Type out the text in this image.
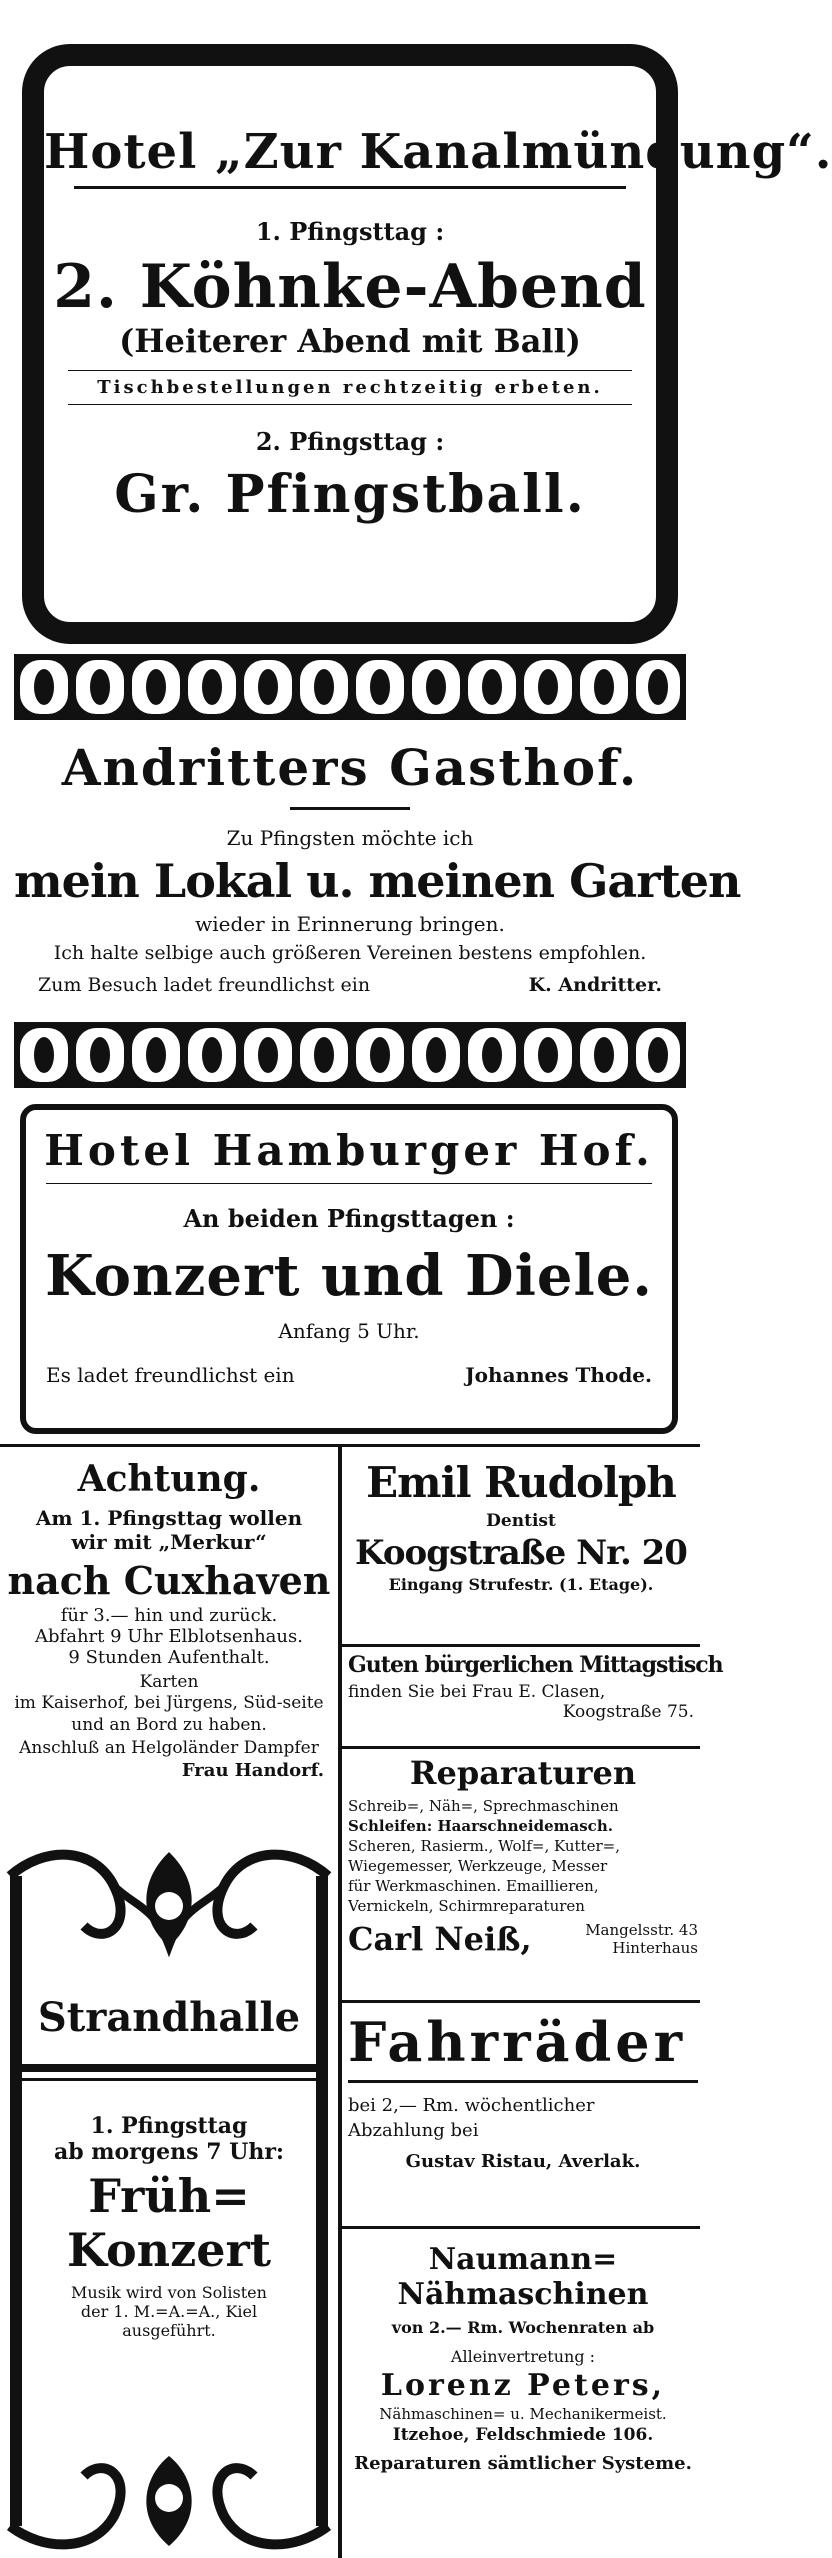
Hotel „Zur Kanalmündung“.
1. Pfingsttag :
2. Köhnke-Abend
(Heiterer Abend mit Ball)
Tischbestellungen rechtzeitig erbeten.
2. Pfingsttag :
Gr. Pfingstball.
Andritters Gasthof.
Zu Pfingsten möchte ich
mein Lokal u. meinen Garten
wieder in Erinnerung bringen.
Ich halte selbige auch größeren Vereinen bestens empfohlen.
Zum Besuch ladet freundlichst ein	K. Andritter.
Hotel Hamburger Hof.
An beiden Pfingsttagen :
Konzert und Diele.
Anfang 5 Uhr.
Es ladet freundlichst ein	Johannes Thode.
Achtung.
Am 1. Pfingsttag wollen
wir mit „Merkur“
nach Cuxhaven
für 3.— hin und zurück.
Abfahrt 9 Uhr Elblotsenhaus.
9 Stunden Aufenthalt.
Karten
im Kaiserhof, bei Jürgens, Süd-seite und an Bord zu haben.
Anschluß an Helgoländer Dampfer
Frau Handorf.
Strandhalle
1. Pfingsttag
ab morgens 7 Uhr:
Früh=
Konzert
Musik wird von Solisten
der 1. M.=A.=A., Kiel
ausgeführt.
Emil Rudolph
Dentist
Koogstraße Nr. 20
Eingang Strufestr. (1. Etage).
Guten bürgerlichen Mittagstisch
finden Sie bei Frau E. Clasen,
Koogstraße 75.
Reparaturen
Schreib=, Näh=, Sprechmaschinen
Schleifen: Haarschneidemasch.
Scheren, Rasierm., Wolf=, Kutter=,
Wiegemesser, Werkzeuge, Messer
für Werkmaschinen. Emaillieren,
Vernickeln, Schirmreparaturen
Carl Neiß,	Mangelsstr. 43
Hinterhaus
Fahrräder
bei 2,— Rm. wöchentlicher
Abzahlung bei
Gustav Ristau, Averlak.
Naumann=
Nähmaschinen
von 2.— Rm. Wochenraten ab
Alleinvertretung :
Lorenz Peters,
Nähmaschinen= u. Mechanikermeist.
Itzehoe, Feldschmiede 106.
Reparaturen sämtlicher Systeme.
